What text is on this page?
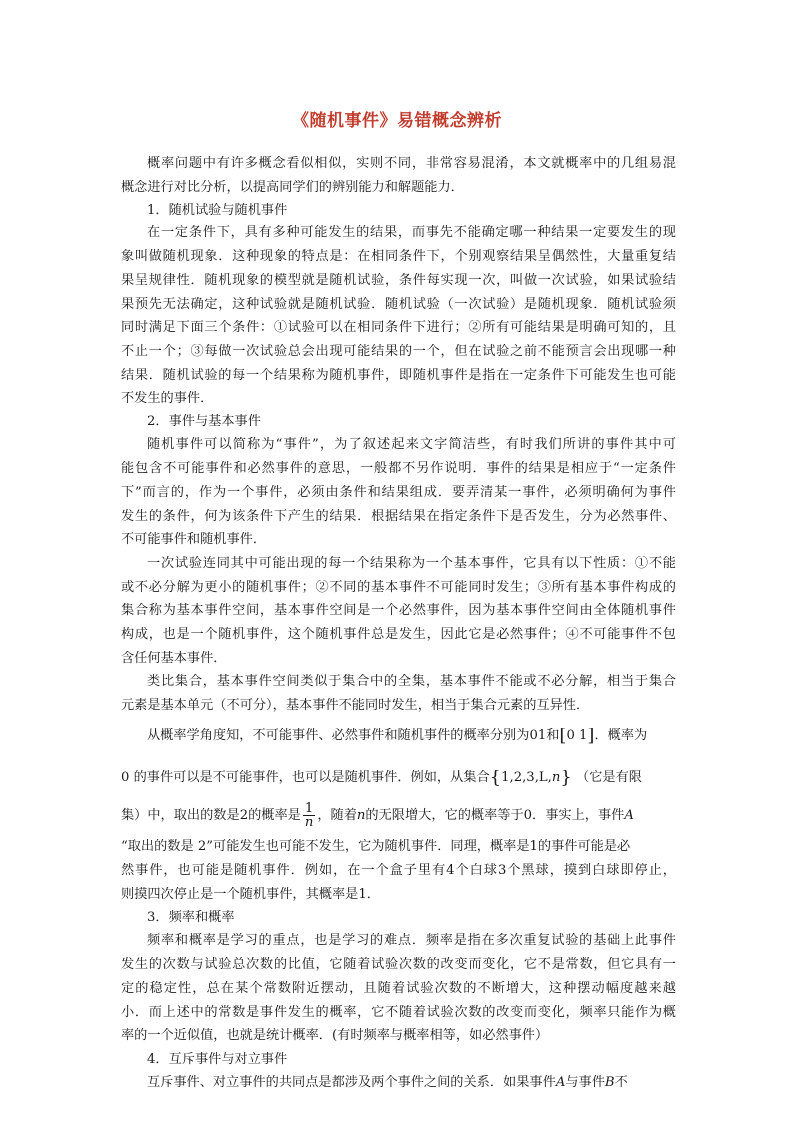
《随机事件》易错概念辨析
概率问题中有许多概念看似相似，实则不同，非常容易混淆，本文就概率中的几组易混
概念进行对比分析，以提高同学们的辨别能力和解题能力．
1．随机试验与随机事件
在一定条件下，具有多种可能发生的结果，而事先不能确定哪一种结果一定要发生的现
象叫做随机现象．这种现象的特点是：在相同条件下，个别观察结果呈偶然性，大量重复结
果呈规律性．随机现象的模型就是随机试验，条件每实现一次，叫做一次试验，如果试验结
果预先无法确定，这种试验就是随机试验．随机试验（一次试验）是随机现象．随机试验须
同时满足下面三个条件：①试验可以在相同条件下进行；②所有可能结果是明确可知的，且
不止一个；③每做一次试验总会出现可能结果的一个，但在试验之前不能预言会出现哪一种
结果．随机试验的每一个结果称为随机事件，即随机事件是指在一定条件下可能发生也可能
不发生的事件．
2．事件与基本事件
随机事件可以简称为“事件”，为了叙述起来文字简洁些，有时我们所讲的事件其中可
能包含不可能事件和必然事件的意思，一般都不另作说明．事件的结果是相应于“一定条件
下”而言的，作为一个事件，必须由条件和结果组成．要弄清某一事件，必须明确何为事件
发生的条件，何为该条件下产生的结果．根据结果在指定条件下是否发生，分为必然事件、
不可能事件和随机事件．
一次试验连同其中可能出现的每一个结果称为一个基本事件，它具有以下性质：①不能
或不必分解为更小的随机事件；②不同的基本事件不可能同时发生；③所有基本事件构成的
集合称为基本事件空间，基本事件空间是一个必然事件，因为基本事件空间由全体随机事件
构成，也是一个随机事件，这个随机事件总是发生，因此它是必然事件；④不可能事件不包
含任何基本事件．
类比集合，基本事件空间类似于集合中的全集，基本事件不能或不必分解，相当于集合
元素是基本单元（不可分），基本事件不能同时发生，相当于集合元素的互异性．
从概率学角度知，不可能事件、必然事件和随机事件的概率分别为01和[0 1]．概率为
0 的事件可以是不可能事件，也可以是随机事件．例如，从集合{1,2,3,L,n} （它是有限
集）中，取出的数是2的概率是 $\frac{1}{n}$ ，随着n的无限增大，它的概率等于0．事实上，事件A
“取出的数是 2”可能发生也可能不发生，它为随机事件．同理，概率是1的事件可能是必
然事件，也可能是随机事件．例如，在一个盒子里有4个白球3个黑球，摸到白球即停止，
则摸四次停止是一个随机事件，其概率是1．
3．频率和概率
频率和概率是学习的重点，也是学习的难点．频率是指在多次重复试验的基础上此事件
发生的次数与试验总次数的比值，它随着试验次数的改变而变化，它不是常数，但它具有一
定的稳定性，总在某个常数附近摆动，且随着试验次数的不断增大，这种摆动幅度越来越
小．而上述中的常数是事件发生的概率，它不随着试验次数的改变而变化，频率只能作为概
率的一个近似值，也就是统计概率．(有时频率与概率相等，如必然事件）
4．互斥事件与对立事件
互斥事件、对立事件的共同点是都涉及两个事件之间的关系．如果事件A与事件B不
